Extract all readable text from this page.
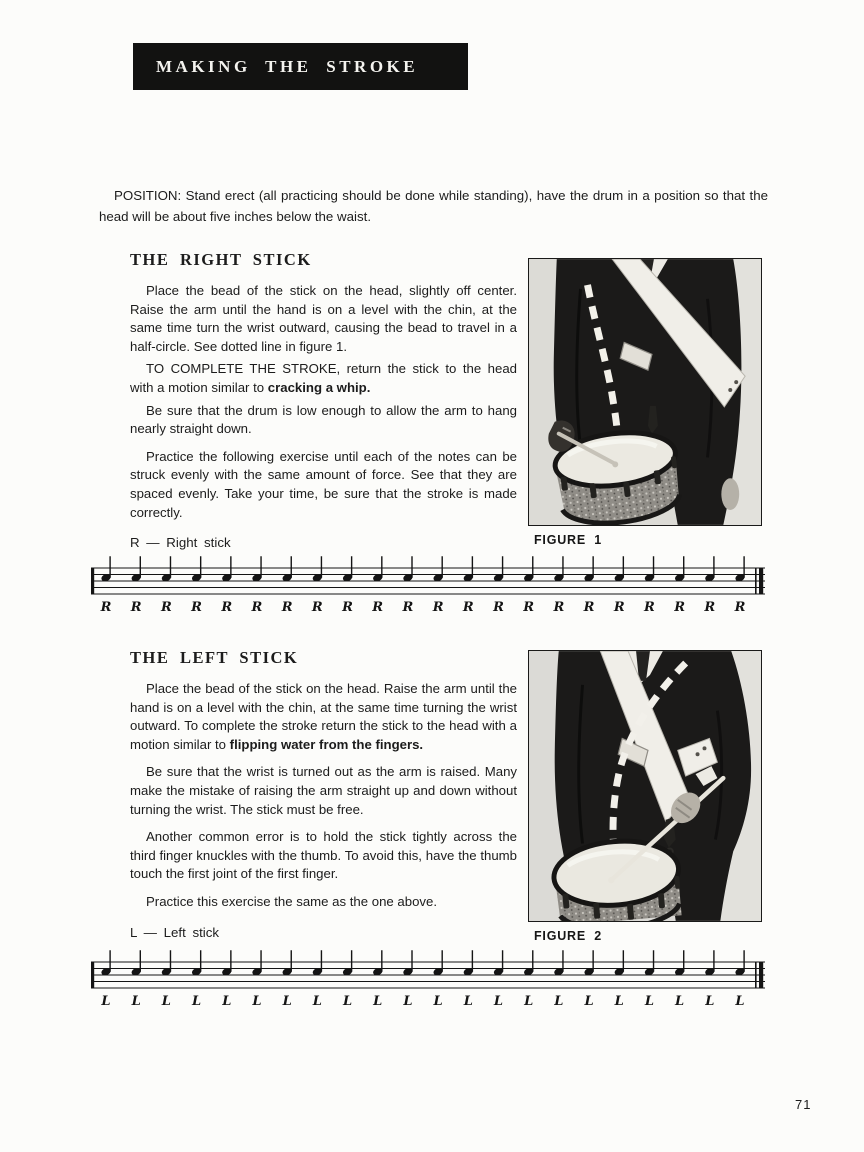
MAKING THE STROKE

POSITION: Stand erect (all practicing should be done while standing), have the drum in a position so that the head will be about five inches below the waist.

THE RIGHT STICK

Place the bead of the stick on the head, slightly off center. Raise the arm until the hand is on a level with the chin, at the same time turn the wrist outward, causing the bead to travel in a half-circle. See dotted line in figure 1.

TO COMPLETE THE STROKE, return the stick to the head with a motion similar to cracking a whip.

Be sure that the drum is low enough to allow the arm to hang nearly straight down.

Practice the following exercise until each of the notes can be struck evenly with the same amount of force. See that they are spaced evenly. Take your time, be sure that the stroke is made correctly.

R — Right stick	FIGURE 1
R R R R R R R R R R R R R R R R R R R R R R
THE LEFT STICK

Place the bead of the stick on the head. Raise the arm until the hand is on a level with the chin, at the same time turning the wrist outward. To complete the stroke return the stick to the head with a motion similar to flipping water from the fingers.

Be sure that the wrist is turned out as the arm is raised. Many make the mistake of raising the arm straight up and down without turning the wrist. The stick must be free.

Another common error is to hold the stick tightly across the third finger knuckles with the thumb. To avoid this, have the thumb touch the first joint of the first finger.

Practice this exercise the same as the one above.

L — Left stick	FIGURE 2
L L L L L L L L L L L L L L L L L L L L L L
71
